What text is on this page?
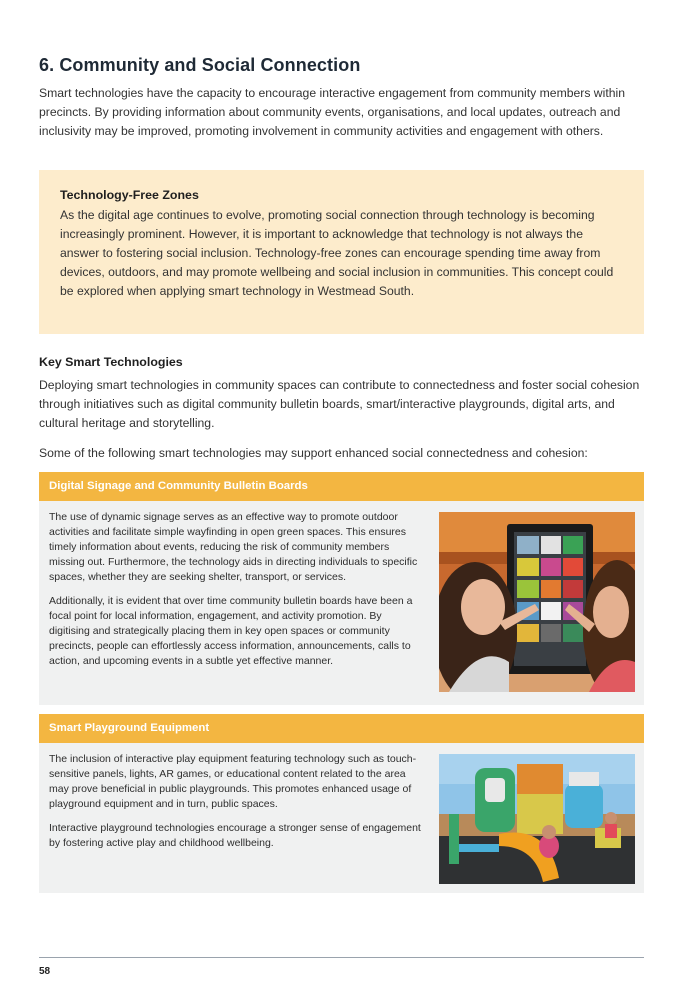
6. Community and Social Connection

Smart technologies have the capacity to encourage interactive engagement from community members within precincts. By providing information about community events, organisations, and local updates, outreach and inclusivity may be improved, promoting involvement in community activities and engagement with others.

Technology-Free Zones

As the digital age continues to evolve, promoting social connection through technology is becoming increasingly prominent. However, it is important to acknowledge that technology is not always the answer to fostering social inclusion. Technology-free zones can encourage spending time away from devices, outdoors, and may promote wellbeing and social inclusion in communities. This concept could be explored when applying smart technology in Westmead South.

Key Smart Technologies

Deploying smart technologies in community spaces can contribute to connectedness and foster social cohesion through initiatives such as digital community bulletin boards, smart/interactive playgrounds, digital arts, and cultural heritage and storytelling.

Some of the following smart technologies may support enhanced social connectedness and cohesion:

Digital Signage and Community Bulletin Boards

The use of dynamic signage serves as an effective way to promote outdoor activities and facilitate simple wayfinding in open green spaces. This ensures timely information about events, reducing the risk of community members missing out. Furthermore, the technology aids in directing individuals to specific spaces, whether they are seeking shelter, transport, or services.

Additionally, it is evident that over time community bulletin boards have been a focal point for local information, engagement, and activity promotion. By digitising and strategically placing them in key open spaces or community precincts, people can effortlessly access information, announcements, calls to action, and upcoming events in a subtle yet effective manner.

Smart Playground Equipment

The inclusion of interactive play equipment featuring technology such as touch-sensitive panels, lights, AR games, or educational content related to the area may prove beneficial in public playgrounds. This promotes enhanced usage of playground equipment and in turn, public spaces.

Interactive playground technologies encourage a stronger sense of engagement by fostering active play and childhood wellbeing.

58
